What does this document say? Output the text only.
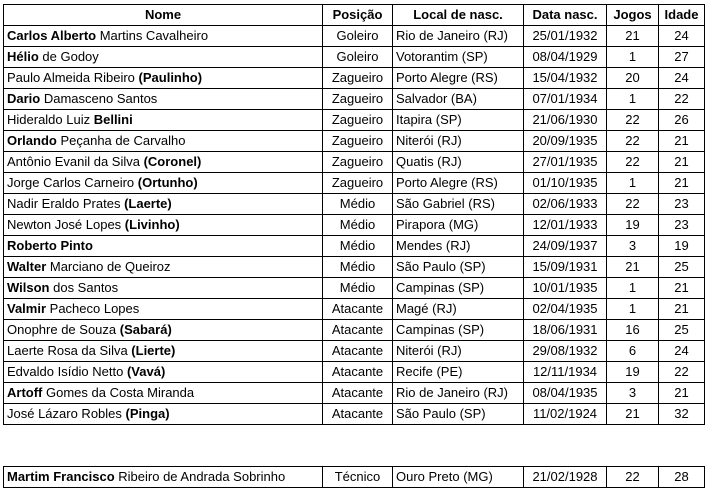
Nome	Posição	Local de nasc.	Data nasc.	Jogos	Idade
Carlos Alberto Martins Cavalheiro	Goleiro	Rio de Janeiro (RJ)	25/01/1932	21	24
Hélio de Godoy	Goleiro	Votorantim (SP)	08/04/1929	1	27
Paulo Almeida Ribeiro (Paulinho)	Zagueiro	Porto Alegre (RS)	15/04/1932	20	24
Dario Damasceno Santos	Zagueiro	Salvador (BA)	07/01/1934	1	22
Hideraldo Luiz Bellini	Zagueiro	Itapira (SP)	21/06/1930	22	26
Orlando Peçanha de Carvalho	Zagueiro	Niterói (RJ)	20/09/1935	22	21
Antônio Evanil da Silva (Coronel)	Zagueiro	Quatis (RJ)	27/01/1935	22	21
Jorge Carlos Carneiro (Ortunho)	Zagueiro	Porto Alegre (RS)	01/10/1935	1	21
Nadir Eraldo Prates (Laerte)	Médio	São Gabriel (RS)	02/06/1933	22	23
Newton José Lopes (Livinho)	Médio	Pirapora (MG)	12/01/1933	19	23
Roberto Pinto	Médio	Mendes (RJ)	24/09/1937	3	19
Walter Marciano de Queiroz	Médio	São Paulo (SP)	15/09/1931	21	25
Wilson dos Santos	Médio	Campinas (SP)	10/01/1935	1	21
Valmir Pacheco Lopes	Atacante	Magé (RJ)	02/04/1935	1	21
Onophre de Souza (Sabará)	Atacante	Campinas (SP)	18/06/1931	16	25
Laerte Rosa da Silva (Lierte)	Atacante	Niterói (RJ)	29/08/1932	6	24
Edvaldo Isídio Netto (Vavá)	Atacante	Recife (PE)	12/11/1934	19	22
Artoff Gomes da Costa Miranda	Atacante	Rio de Janeiro (RJ)	08/04/1935	3	21
José Lázaro Robles (Pinga)	Atacante	São Paulo (SP)	11/02/1924	21	32
Martim Francisco Ribeiro de Andrada Sobrinho	Técnico	Ouro Preto (MG)	21/02/1928	22	28
